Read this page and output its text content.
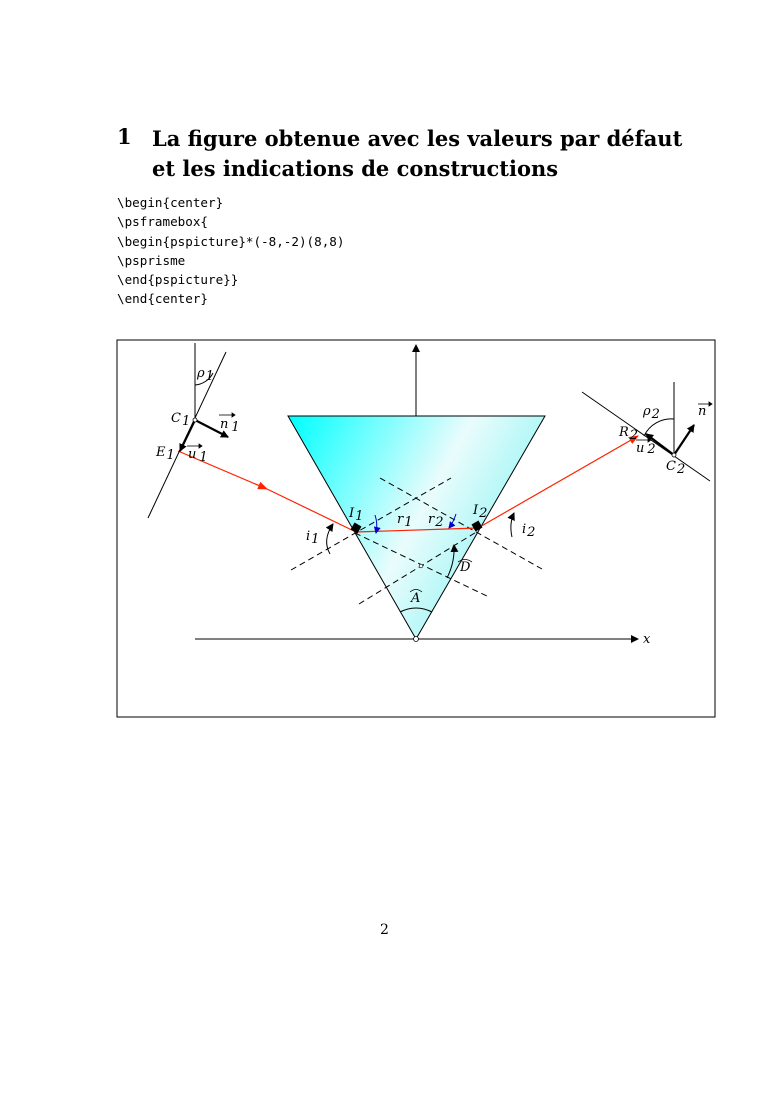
1 La figure obtenue avec les valeurs par défaut et les indications de constructions
\begin{center}
\psframebox{
\begin{pspicture}*(-8,-2)(8,8)
\psprisme
\end{pspicture}}
\end{center}
ρ1
C1 n 1
E1 u 1
I1
i1
r1 r2
I2
i2
D
A
x
ρ2	n
R2
u 2
C2
2
